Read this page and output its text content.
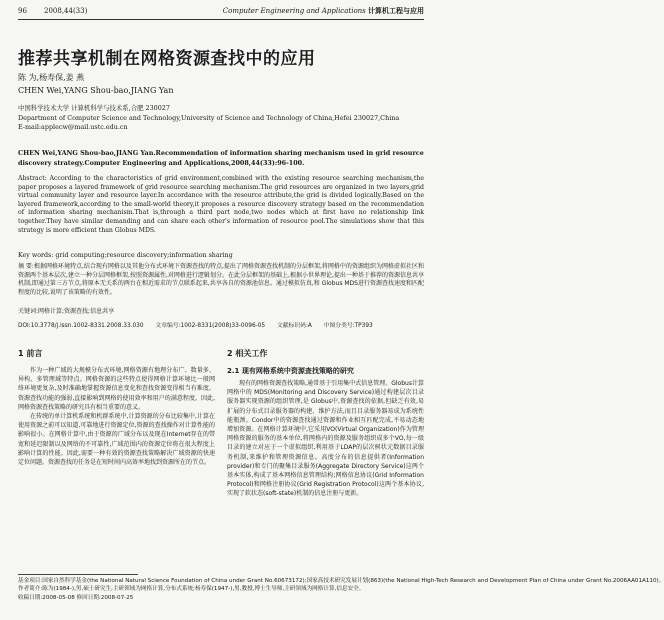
96 2008,44(33)	Computer Engineering and Applications 计算机工程与应用
推荐共享机制在网格资源查找中的应用
陈 为,杨寿保,姜 燕
CHEN Wei,YANG Shou-bao,JIANG Yan
中国科学技术大学 计算机科学与技术系,合肥 230027
Department of Computer Science and Technology,University of Science and Technology of China,Hefei 230027,China
E-mail:applecw@mail.ustc.edu.cn
CHEN Wei,YANG Shou-bao,JIANG Yan.Recommendation of information sharing mechanism used in grid resource discovery strategy.Computer Engineering and Applications,2008,44(33):96-100.
Abstract: According to the characteristics of grid environment,combined with the existing resource searching mechanism,the paper proposes a layered framework of grid resource searching mechanism.The grid resources are organized in two layers,grid virtual community layer and resource layer.In accordance with the resource attribute,the grid is divided logically.Based on the layered framework,according to the small-world theory,it proposes a resource discovery strategy based on the recommendation of information sharing mechanism.That is,through a third part node,two nodes which at first have no relationship link together.They have similar demanding and can share each other's information of resource pool.The simulations show that this strategy is more efficient than Globus MDS.
Key words: grid computing;resource discovery;information sharing
摘 要:根据网格环境特点,结合现有网格以及其他分布式环境下资源查找的特点,提出了网格资源查找机制的分层框架,将网格中的资源组织为网格虚拟社区和资源两个基本层次,建立一种分层网格框架,按照资源属性,对网格进行逻辑划分。在此分层框架的基础上,根据小世界理论,提出一种基于推荐的资源信息共享机制,即通过第三方节点,将原本无关系的两台在相近需求的节点联系起来,共享各自的资源池信息。通过模拟仿真,和 Globus MDS进行资源查找速度和匹配程度的比较,说明了该策略的有效性。
关键词:网格计算;资源查找;信息共享
DOI:10.3778/j.issn.1002-8331.2008.33.030 文章编号:1002-8331(2008)33-0096-05 文献标识码:A 中图分类号:TP393
1 前言

作为一种广域的大规模分布式环境,网格资源有地理分布广、数量多、异构、多管理域等特点。网格资源的这些特点使得网格计算环境比一般网络环境更复杂,及时准确地掌握资源信息变化和查找资源变得相当有难度。资源查找功能的强弱,直接影响到网格的使用效率和用户的满意程度。因此,网格资源查找策略的研究具有相当重要的意义。

在传统的单计算机系统和机群系统中,计算资源的分布比较集中,计算在使用资源之前可以知道,可靠地进行资源定位,资源的查找操作对计算性能的影响很小。在网格计算中,由于资源的广域分布以及现在Internet存在的带宽和延迟限制以及网络的不可靠性,广域范围内的资源定位将在很大程度上影响计算的性能。因此,需要一种有效的资源查找策略解决广域资源的快速定位问题。资源查找的任务是在短时间内高效率地找到资源所在的节点。

2 相关工作
2.1 现有网格系统中资源查找策略的研究

现有的网格资源查找策略,通常基于引用集中式信息管理。Globus计算网格中的 MDS(Monitoring and Discovery Service)通过构建层次目录服务器实现资源的组织管理,是 Globus中,资源查找的依据,但缺乏有效,易扩展的分布式目录服务器的构建、维护方法,而且目录服务器易成为系统性能瓶颈。Condor中的资源查找通过资源和作业相互匹配完成,不易动态地增加资源。在网格计算环境中,它采用VO(Virtual Organization)作为管理网格资源的服务的基本单位,将网格内的资源及服务组织成多个VO,每一级目录的建立对应于一个虚拟组织,利用基于LDAP的层次树状元数据目录服务机制,来维护和管理资源信息。高度分布的信息提供者(Information provider)和专门的聚集目录服务(Aggregate Directory Service)这两个基本实体,构成了基本网格信息管理结构;网格信息协议(Grid Information Protocol)和网格注册协议(Grid Registration Protocol)这两个基本协议,实现了软状态(soft-state)机制的信息注册与更新。

基金项目:国家自然科学基金(the National Natural Science Foundation of China under Grant No.60673172);国家高技术研究发展计划(863)(the National High-Tech Research and Development Plan of China under Grant No.2006AA01A110)。
作者简介:陈为(1984-),男,硕士研究生,主研领域为网格计算,分布式系统;杨寿保(1947-),男,教授,博士生导师,主研领域为网格计算,信息安全。
收稿日期:2008-05-08 修回日期:2008-07-25
